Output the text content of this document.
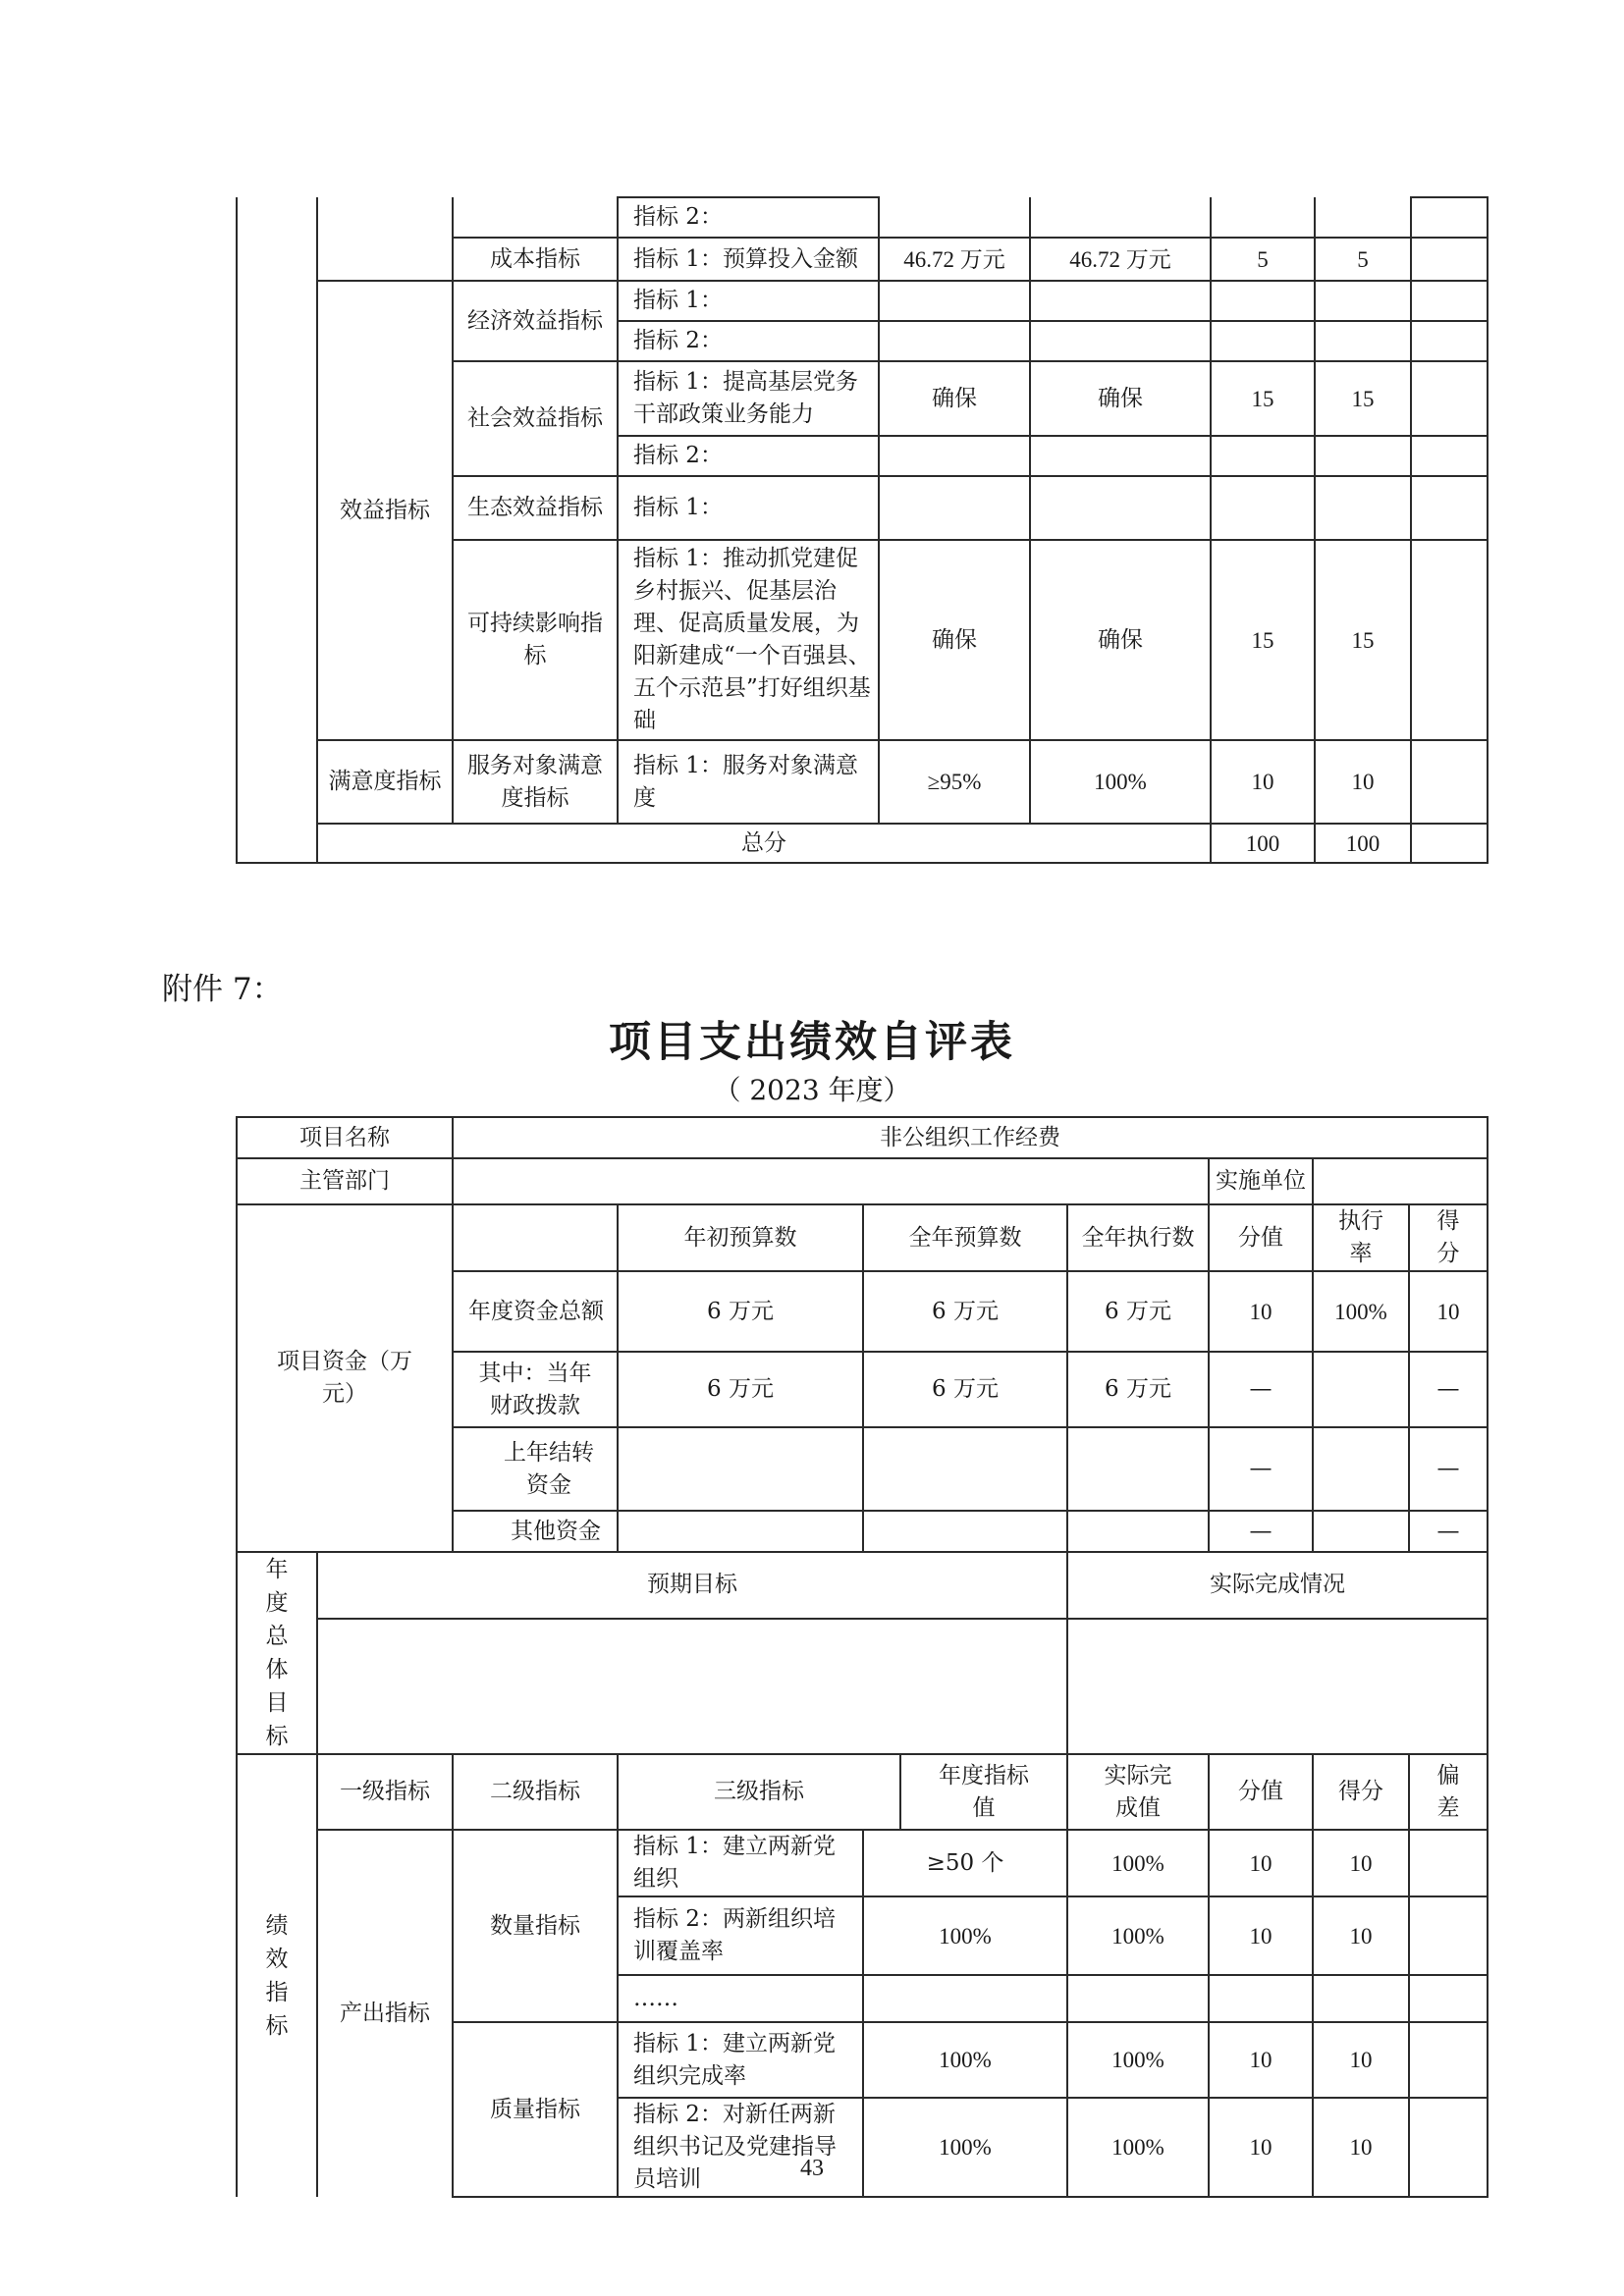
			指标 2：					
		成本指标	指标 1：预算投入金额	46.72 万元	46.72 万元	5	5	
	效益指标	经济效益指标	指标 1：					
			指标 2：					
		社会效益指标	指标 1：提高基层党务干部政策业务能力	确保	确保	15	15	
			指标 2：					
		生态效益指标	指标 1：					
		可持续影响指标	指标 1：推动抓党建促乡村振兴、促基层治理、促高质量发展，为阳新建成“一个百强县、五个示范县”打好组织基础	确保	确保	15	15	
	满意度指标	服务对象满意度指标	指标 1：服务对象满意度	≥95%	100%	10	10	
	总分					100	100	
附件 7：
项目支出绩效自评表
（ 2023 年度）
项目名称		非公组织工作经费							
主管部门							实施单位		
项目资金（万元）			年初预算数	全年预算数		全年执行数	分值	执行率	得分
		年度资金总额	6 万元	6 万元		6 万元	10	100%	10
		其中：当年财政拨款	6 万元	6 万元		6 万元	—		—
		上年结转资金					—		—
		其他资金					—		—
年度总体目标	预期目标					实际完成情况			

绩效指标	一级指标	二级指标	三级指标		年度指标值	实际完成值	分值	得分	偏差
	产出指标	数量指标	指标 1：建立两新党组织	≥50 个		100%	10	10	
			指标 2：两新组织培训覆盖率	100%		100%	10	10	
			……						
		质量指标	指标 1：建立两新党组织完成率	100%		100%	10	10	
			指标 2：对新任两新组织书记及党建指导员培训	100%		100%	10	10	
43
